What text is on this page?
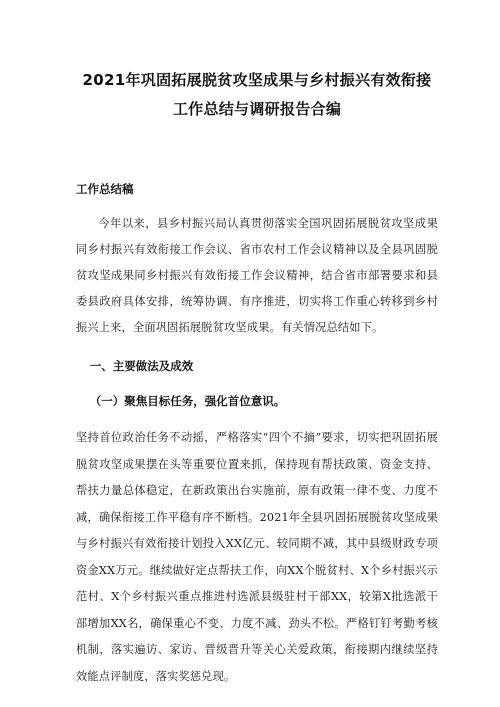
2021年巩固拓展脱贫攻坚成果与乡村振兴有效衔接
工作总结与调研报告合编
工作总结稿

今年以来，县乡村振兴局认真贯彻落实全国巩固拓展脱贫攻坚成果同乡村振兴有效衔接工作会议、省市农村工作会议精神以及全县巩固脱贫攻坚成果同乡村振兴有效衔接工作会议精神，结合省市部署要求和县委县政府具体安排，统筹协调、有序推进，切实将工作重心转移到乡村振兴上来，全面巩固拓展脱贫攻坚成果。有关情况总结如下。

一、主要做法及成效
（一）聚焦目标任务，强化首位意识。

坚持首位政治任务不动摇，严格落实“四个不摘”要求，切实把巩固拓展脱贫攻坚成果摆在头等重要位置来抓，保持现有帮扶政策、资金支持、帮扶力量总体稳定，在新政策出台实施前，原有政策一律不变、力度不减，确保衔接工作平稳有序不断档。2021年全县巩固拓展脱贫攻坚成果与乡村振兴有效衔接计划投入XX亿元、较同期不减，其中县级财政专项资金XX万元。继续做好定点帮扶工作，向XX个脱贫村、X个乡村振兴示范村、X个乡村振兴重点推进村选派县级驻村干部XX，较第X批选派干部增加XX名，确保重心不变、力度不减、劲头不松。严格钉钉考勤考核机制，落实遍访、家访、晋级晋升等关心关爱政策，衔接期内继续坚持效能点评制度，落实奖惩兑现。
